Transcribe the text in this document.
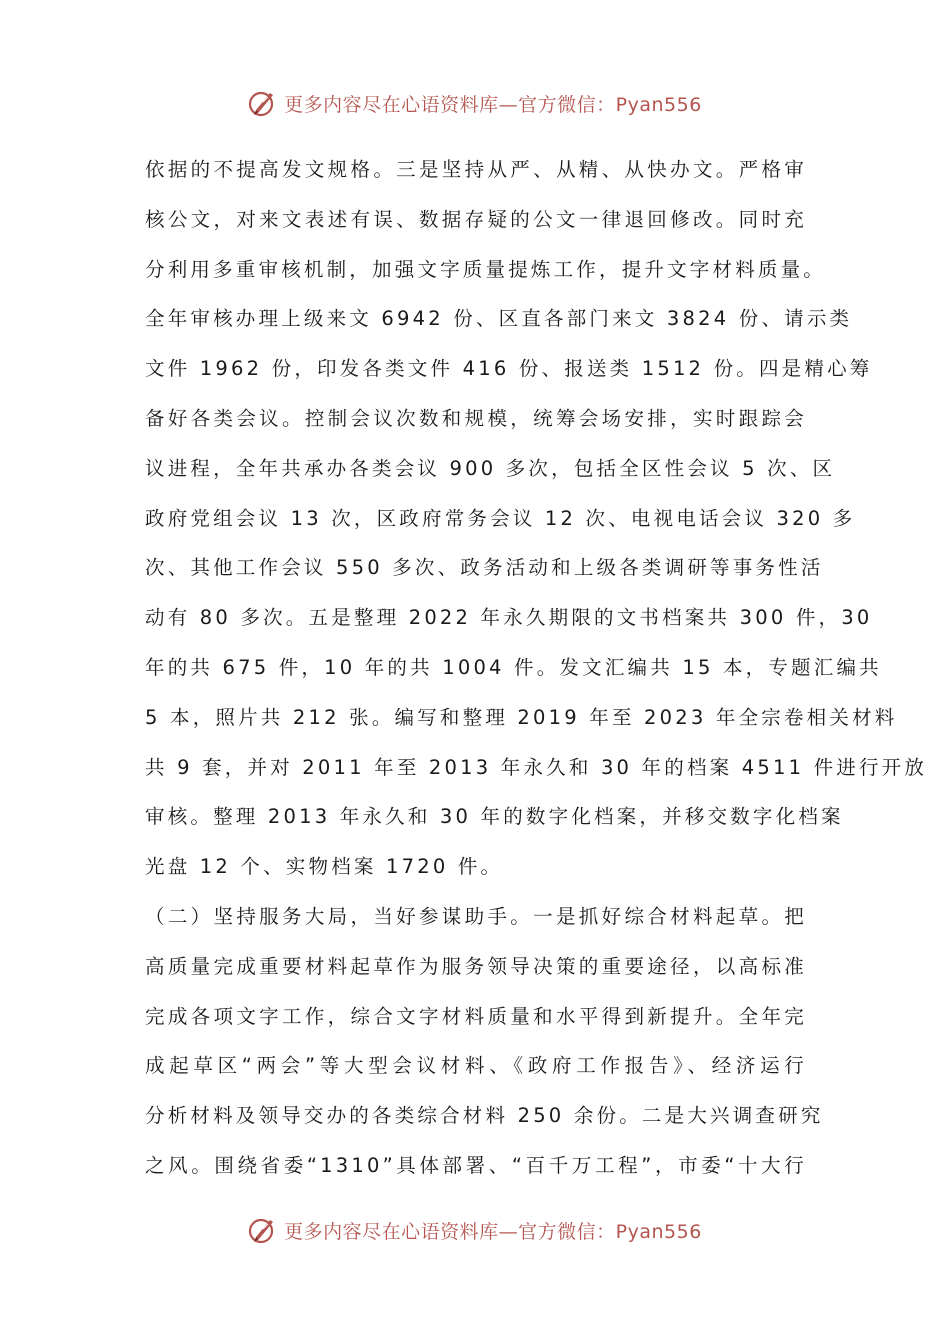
更多内容尽在心语资料库—官方微信：Pyan556
依据的不提高发文规格。三是坚持从严、从精、从快办文。严格审
核公文，对来文表述有误、数据存疑的公文一律退回修改。同时充
分利用多重审核机制，加强文字质量提炼工作，提升文字材料质量。
全年审核办理上级来文 6942 份、区直各部门来文 3824 份、请示类
文件 1962 份，印发各类文件 416 份、报送类 1512 份。四是精心筹
备好各类会议。控制会议次数和规模，统筹会场安排，实时跟踪会
议进程，全年共承办各类会议 900 多次，包括全区性会议 5 次、区
政府党组会议 13 次，区政府常务会议 12 次、电视电话会议 320 多
次、其他工作会议 550 多次、政务活动和上级各类调研等事务性活
动有 80 多次。五是整理 2022 年永久期限的文书档案共 300 件，30
年的共 675 件，10 年的共 1004 件。发文汇编共 15 本，专题汇编共
5 本，照片共 212 张。编写和整理 2019 年至 2023 年全宗卷相关材料
共 9 套，并对 2011 年至 2013 年永久和 30 年的档案 4511 件进行开放
审核。整理 2013 年永久和 30 年的数字化档案，并移交数字化档案
光盘 12 个、实物档案 1720 件。
（二）坚持服务大局，当好参谋助手。一是抓好综合材料起草。把
高质量完成重要材料起草作为服务领导决策的重要途径，以高标准
完成各项文字工作，综合文字材料质量和水平得到新提升。全年完
成起草区“两会”等大型会议材料、《政府工作报告》、经济运行
分析材料及领导交办的各类综合材料 250 余份。二是大兴调查研究
之风。围绕省委“1310”具体部署、“百千万工程”，市委“十大行
更多内容尽在心语资料库—官方微信：Pyan556
